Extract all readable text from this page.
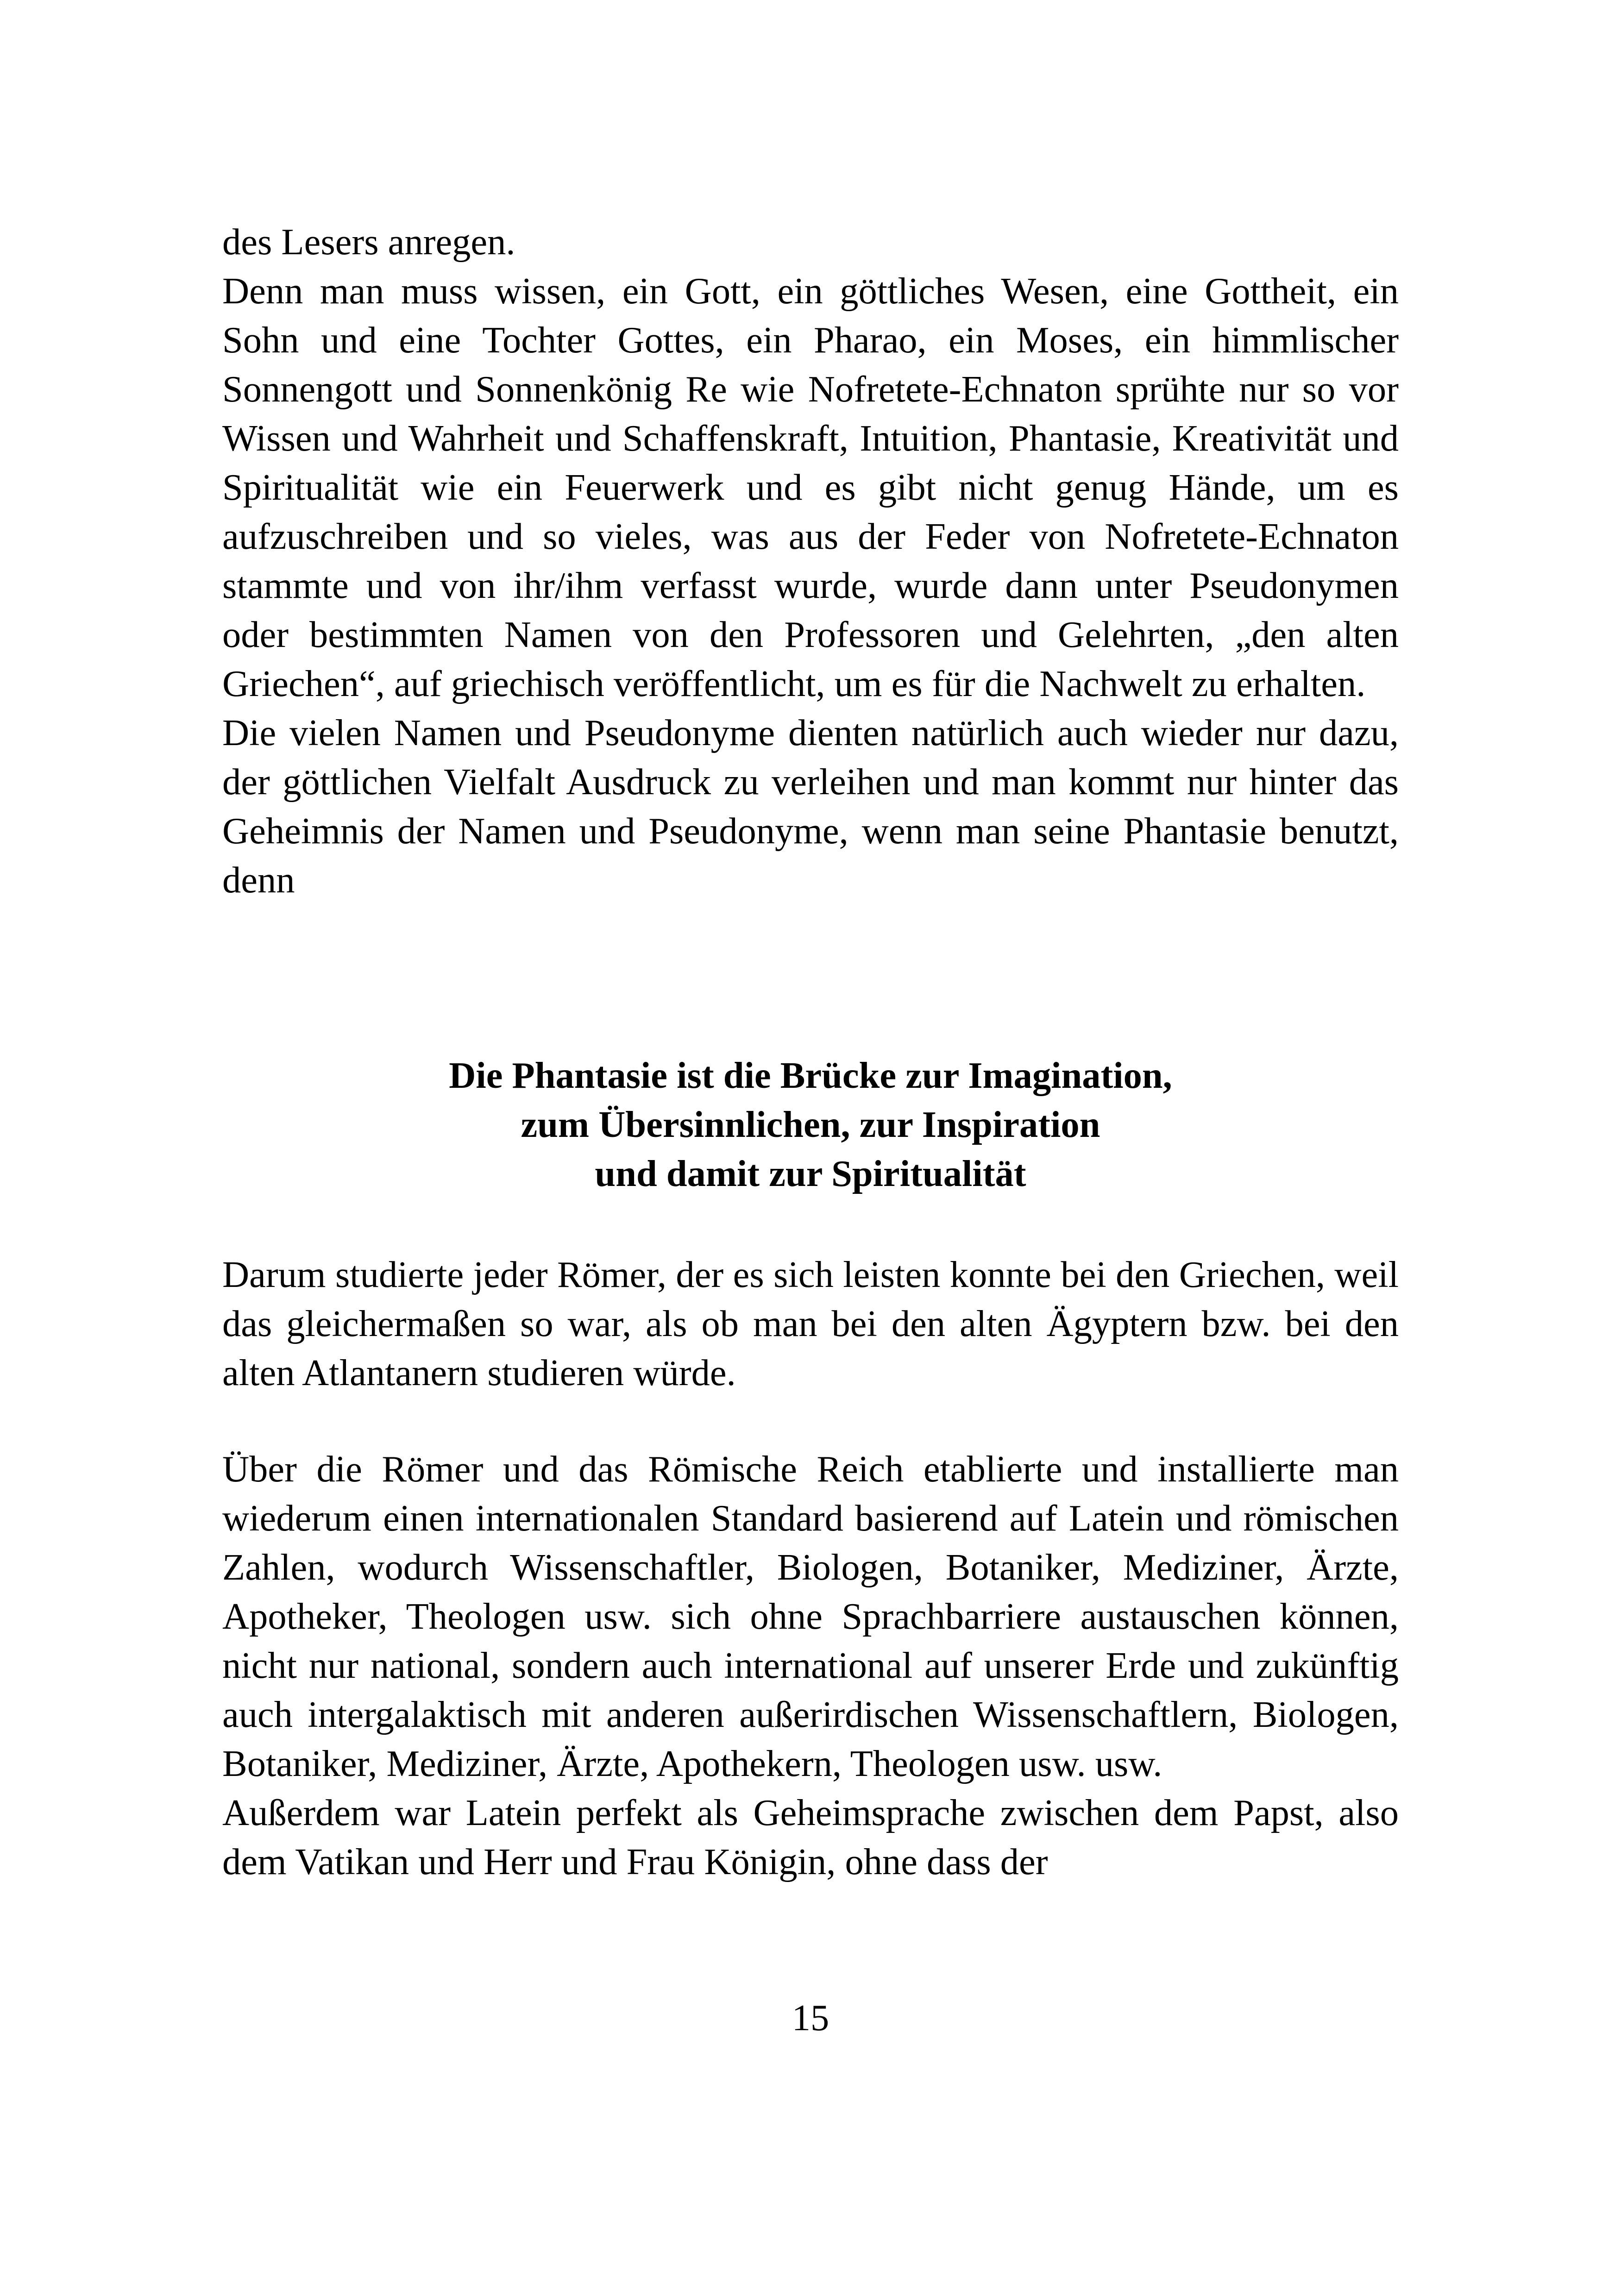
des Lesers anregen.

Denn man muss wissen, ein Gott, ein göttliches Wesen, eine Gottheit, ein Sohn und eine Tochter Gottes, ein Pharao, ein Moses, ein himmlischer Sonnengott und Sonnenkönig Re wie Nofretete-Echnaton sprühte nur so vor Wissen und Wahrheit und Schaffenskraft, Intuition, Phantasie, Kreativität und Spiritualität wie ein Feuerwerk und es gibt nicht genug Hände, um es aufzuschreiben und so vieles, was aus der Feder von Nofretete-Echnaton stammte und von ihr/ihm verfasst wurde, wurde dann unter Pseudonymen oder bestimmten Namen von den Professoren und Gelehrten, „den alten Griechen“, auf griechisch veröffentlicht, um es für die Nachwelt zu erhalten.

Die vielen Namen und Pseudonyme dienten natürlich auch wieder nur dazu, der göttlichen Vielfalt Ausdruck zu verleihen und man kommt nur hinter das Geheimnis der Namen und Pseudonyme, wenn man seine Phantasie benutzt, denn

Die Phantasie ist die Brücke zur Imagination,
zum Übersinnlichen, zur Inspiration
und damit zur Spiritualität

Darum studierte jeder Römer, der es sich leisten konnte bei den Griechen, weil das gleichermaßen so war, als ob man bei den alten Ägyptern bzw. bei den alten Atlantanern studieren würde.

Über die Römer und das Römische Reich etablierte und installierte man wiederum einen internationalen Standard basierend auf Latein und römischen Zahlen, wodurch Wissenschaftler, Biologen, Botaniker, Mediziner, Ärzte, Apotheker, Theologen usw. sich ohne Sprachbarriere austauschen können, nicht nur national, sondern auch international auf unserer Erde und zukünftig auch intergalaktisch mit anderen außerirdischen Wissenschaftlern, Biologen, Botaniker, Mediziner, Ärzte, Apothekern, Theologen usw. usw.

Außerdem war Latein perfekt als Geheimsprache zwischen dem Papst, also dem Vatikan und Herr und Frau Königin, ohne dass der

15
